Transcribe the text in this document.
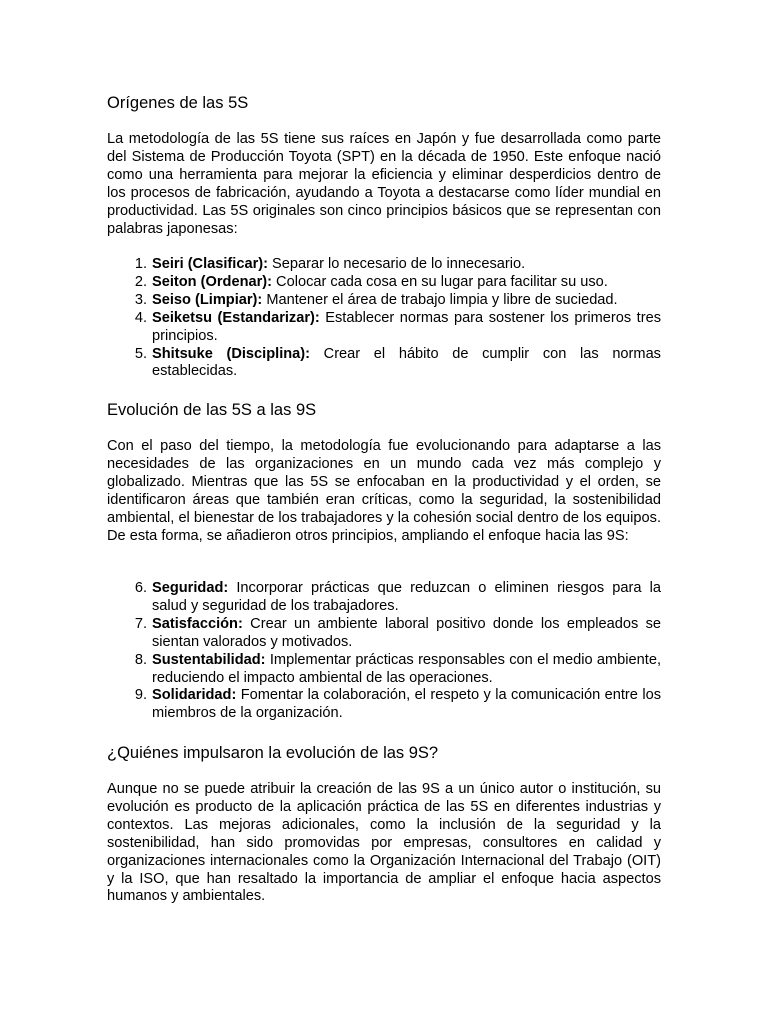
Orígenes de las 5S

La metodología de las 5S tiene sus raíces en Japón y fue desarrollada como parte del Sistema de Producción Toyota (SPT) en la década de 1950. Este enfoque nació como una herramienta para mejorar la eficiencia y eliminar desperdicios dentro de los procesos de fabricación, ayudando a Toyota a destacarse como líder mundial en productividad. Las 5S originales son cinco principios básicos que se representan con palabras japonesas:

1. Seiri (Clasificar): Separar lo necesario de lo innecesario.
2. Seiton (Ordenar): Colocar cada cosa en su lugar para facilitar su uso.
3. Seiso (Limpiar): Mantener el área de trabajo limpia y libre de suciedad.
4. Seiketsu (Estandarizar): Establecer normas para sostener los primeros tres principios.
5. Shitsuke (Disciplina): Crear el hábito de cumplir con las normas establecidas.
Evolución de las 5S a las 9S

Con el paso del tiempo, la metodología fue evolucionando para adaptarse a las necesidades de las organizaciones en un mundo cada vez más complejo y globalizado. Mientras que las 5S se enfocaban en la productividad y el orden, se identificaron áreas que también eran críticas, como la seguridad, la sostenibilidad ambiental, el bienestar de los trabajadores y la cohesión social dentro de los equipos. De esta forma, se añadieron otros principios, ampliando el enfoque hacia las 9S:

6. Seguridad: Incorporar prácticas que reduzcan o eliminen riesgos para la salud y seguridad de los trabajadores.
7. Satisfacción: Crear un ambiente laboral positivo donde los empleados se sientan valorados y motivados.
8. Sustentabilidad: Implementar prácticas responsables con el medio ambiente, reduciendo el impacto ambiental de las operaciones.
9. Solidaridad: Fomentar la colaboración, el respeto y la comunicación entre los miembros de la organización.
¿Quiénes impulsaron la evolución de las 9S?

Aunque no se puede atribuir la creación de las 9S a un único autor o institución, su evolución es producto de la aplicación práctica de las 5S en diferentes industrias y contextos. Las mejoras adicionales, como la inclusión de la seguridad y la sostenibilidad, han sido promovidas por empresas, consultores en calidad y organizaciones internacionales como la Organización Internacional del Trabajo (OIT) y la ISO, que han resaltado la importancia de ampliar el enfoque hacia aspectos humanos y ambientales.
